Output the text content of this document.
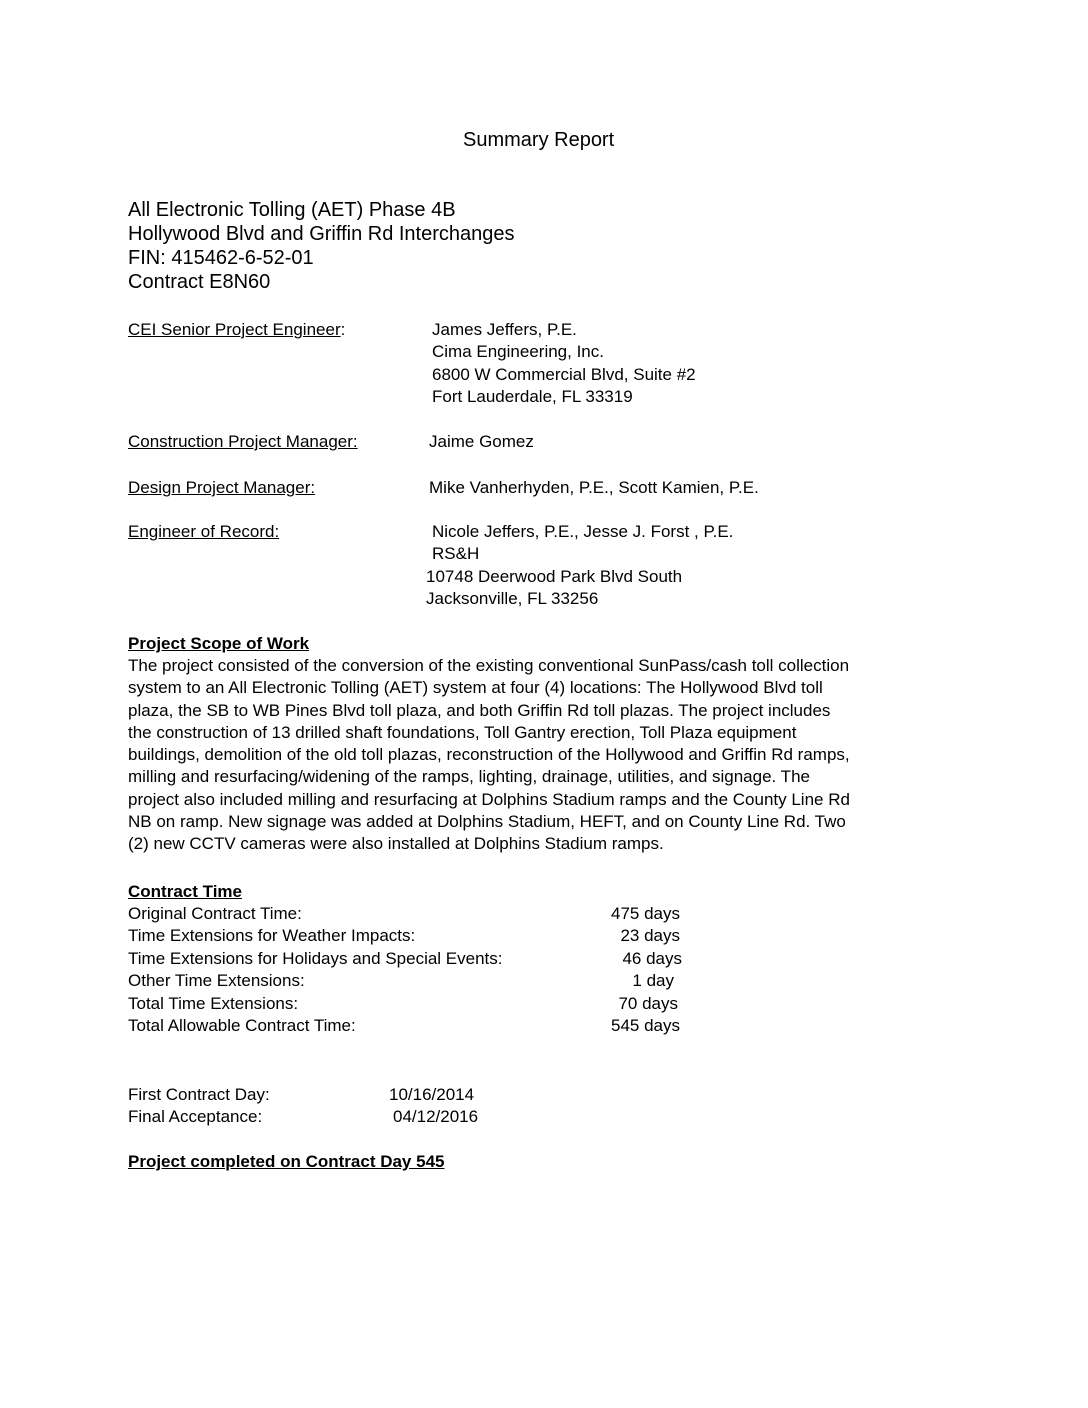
Summary Report
All Electronic Tolling (AET) Phase 4B
Hollywood Blvd and Griffin Rd Interchanges
FIN: 415462-6-52-01
Contract E8N60
CEI Senior Project Engineer:	James Jeffers, P.E.
Cima Engineering, Inc.
6800 W Commercial Blvd, Suite #2
Fort Lauderdale, FL 33319
Construction Project Manager:	Jaime Gomez
Design Project Manager:	Mike Vanherhyden, P.E., Scott Kamien, P.E.
Engineer of Record:	Nicole Jeffers, P.E., Jesse J. Forst , P.E.
RS&H
10748 Deerwood Park Blvd South
Jacksonville, FL 33256
Project Scope of Work
The project consisted of the conversion of the existing conventional SunPass/cash toll collection
system to an All Electronic Tolling (AET) system at four (4) locations: The Hollywood Blvd toll
plaza, the SB to WB Pines Blvd toll plaza, and both Griffin Rd toll plazas. The project includes
the construction of 13 drilled shaft foundations, Toll Gantry erection, Toll Plaza equipment
buildings, demolition of the old toll plazas, reconstruction of the Hollywood and Griffin Rd ramps,
milling and resurfacing/widening of the ramps, lighting, drainage, utilities, and signage. The
project also included milling and resurfacing at Dolphins Stadium ramps and the County Line Rd
NB on ramp. New signage was added at Dolphins Stadium, HEFT, and on County Line Rd. Two
(2) new CCTV cameras were also installed at Dolphins Stadium ramps.
Contract Time
Original Contract Time:	475 days
Time Extensions for Weather Impacts:	23 days
Time Extensions for Holidays and Special Events:	46 days
Other Time Extensions:	1 day
Total Time Extensions:	70 days
Total Allowable Contract Time:	545 days
First Contract Day:	10/16/2014
Final Acceptance:	04/12/2016
Project completed on Contract Day 545
